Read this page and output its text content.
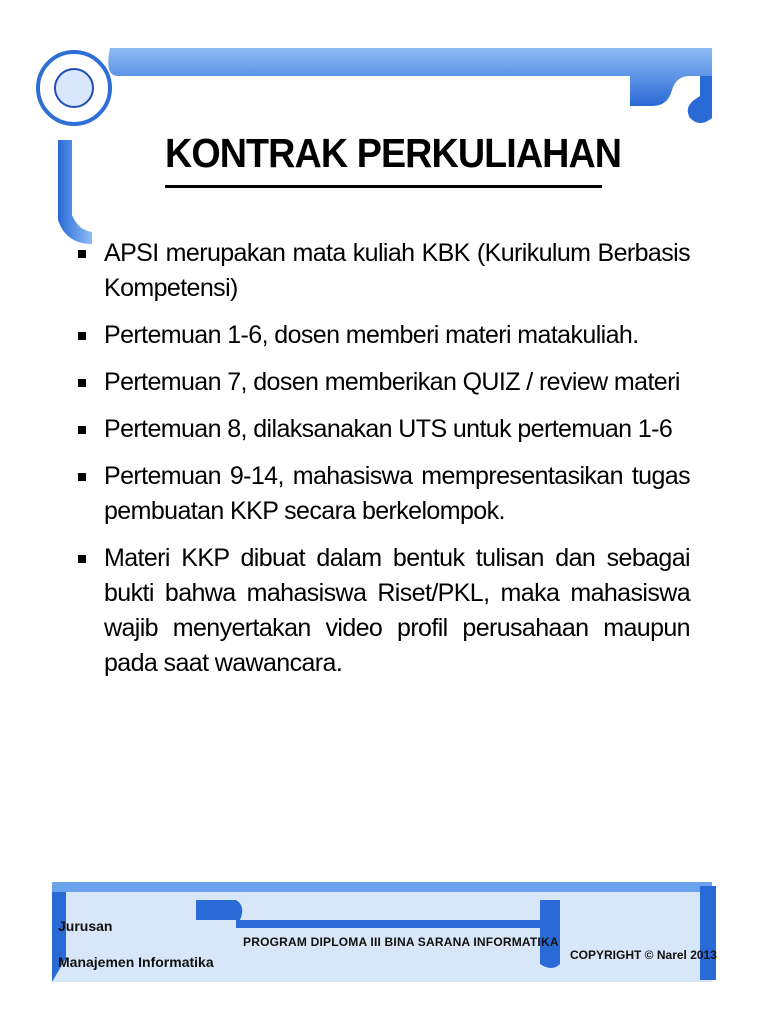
KONTRAK PERKULIAHAN
APSI merupakan mata kuliah KBK (Kurikulum Berbasis Kompetensi)
Pertemuan 1-6, dosen memberi materi matakuliah.
Pertemuan 7, dosen memberikan QUIZ / review materi
Pertemuan 8, dilaksanakan UTS untuk pertemuan 1-6
Pertemuan 9-14, mahasiswa mempresentasikan tugas pembuatan KKP secara berkelompok.
Materi KKP dibuat dalam bentuk tulisan dan sebagai bukti bahwa mahasiswa Riset/PKL, maka mahasiswa wajib menyertakan video profil perusahaan maupun pada saat wawancara.
Jurusan
Manajemen Informatika
PROGRAM DIPLOMA III BINA SARANA INFORMATIKA
COPYRIGHT © Narel 2013
